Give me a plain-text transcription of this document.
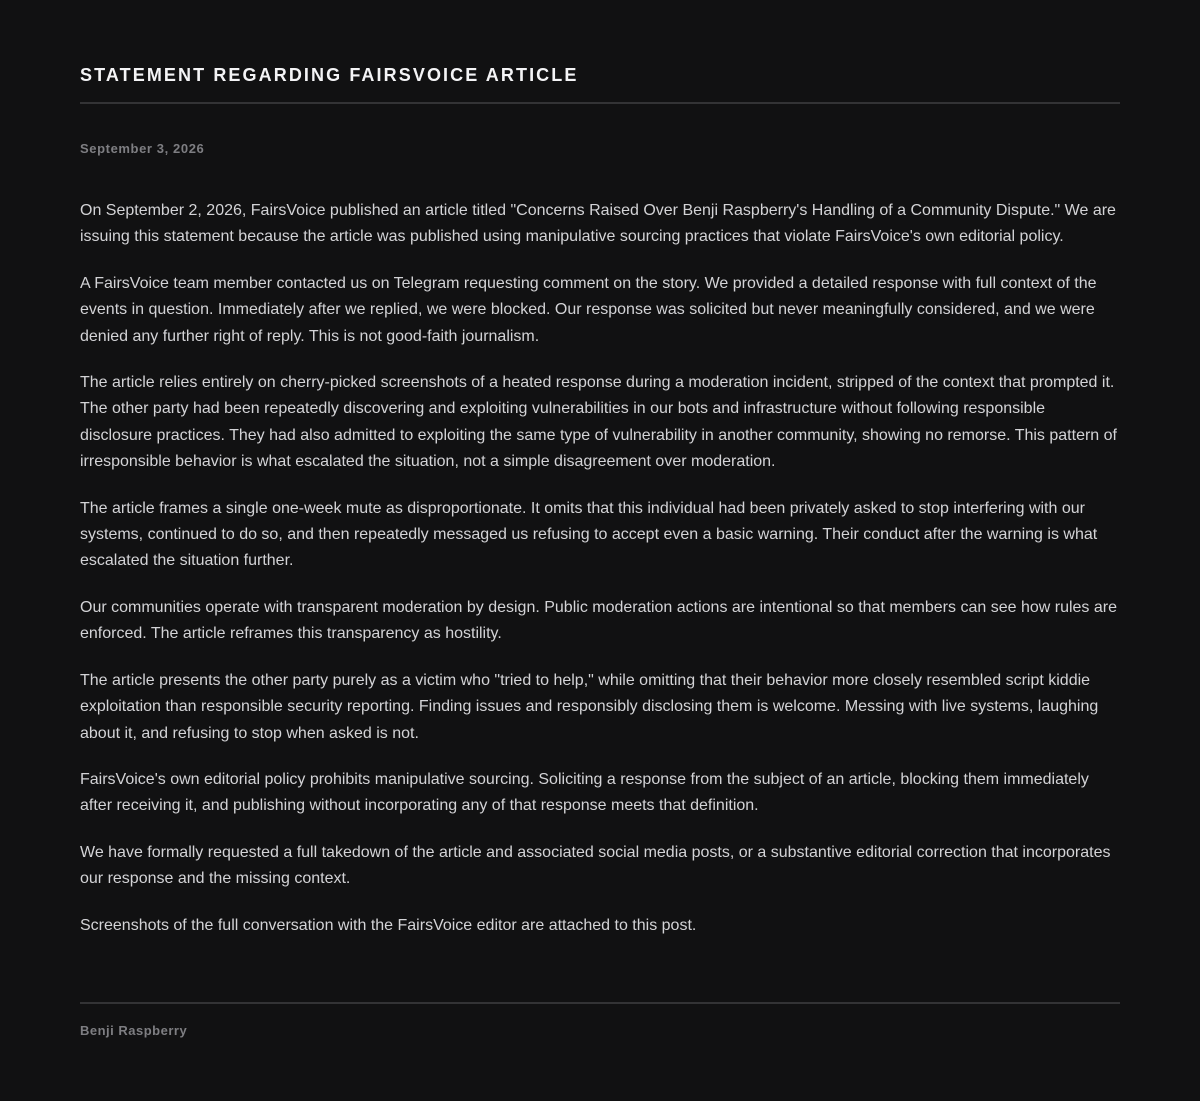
STATEMENT REGARDING FAIRSVOICE ARTICLE
September 3, 2026

On September 2, 2026, FairsVoice published an article titled "Concerns Raised Over Benji Raspberry's Handling of a Community Dispute." We are issuing this statement because the article was published using manipulative sourcing practices that violate FairsVoice's own editorial policy.

A FairsVoice team member contacted us on Telegram requesting comment on the story. We provided a detailed response with full context of the events in question. Immediately after we replied, we were blocked. Our response was solicited but never meaningfully considered, and we were denied any further right of reply. This is not good-faith journalism.

The article relies entirely on cherry-picked screenshots of a heated response during a moderation incident, stripped of the context that prompted it. The other party had been repeatedly discovering and exploiting vulnerabilities in our bots and infrastructure without following responsible disclosure practices. They had also admitted to exploiting the same type of vulnerability in another community, showing no remorse. This pattern of irresponsible behavior is what escalated the situation, not a simple disagreement over moderation.

The article frames a single one-week mute as disproportionate. It omits that this individual had been privately asked to stop interfering with our systems, continued to do so, and then repeatedly messaged us refusing to accept even a basic warning. Their conduct after the warning is what escalated the situation further.

Our communities operate with transparent moderation by design. Public moderation actions are intentional so that members can see how rules are enforced. The article reframes this transparency as hostility.

The article presents the other party purely as a victim who "tried to help," while omitting that their behavior more closely resembled script kiddie exploitation than responsible security reporting. Finding issues and responsibly disclosing them is welcome. Messing with live systems, laughing about it, and refusing to stop when asked is not.

FairsVoice's own editorial policy prohibits manipulative sourcing. Soliciting a response from the subject of an article, blocking them immediately after receiving it, and publishing without incorporating any of that response meets that definition.

We have formally requested a full takedown of the article and associated social media posts, or a substantive editorial correction that incorporates our response and the missing context.

Screenshots of the full conversation with the FairsVoice editor are attached to this post.

Benji Raspberry
